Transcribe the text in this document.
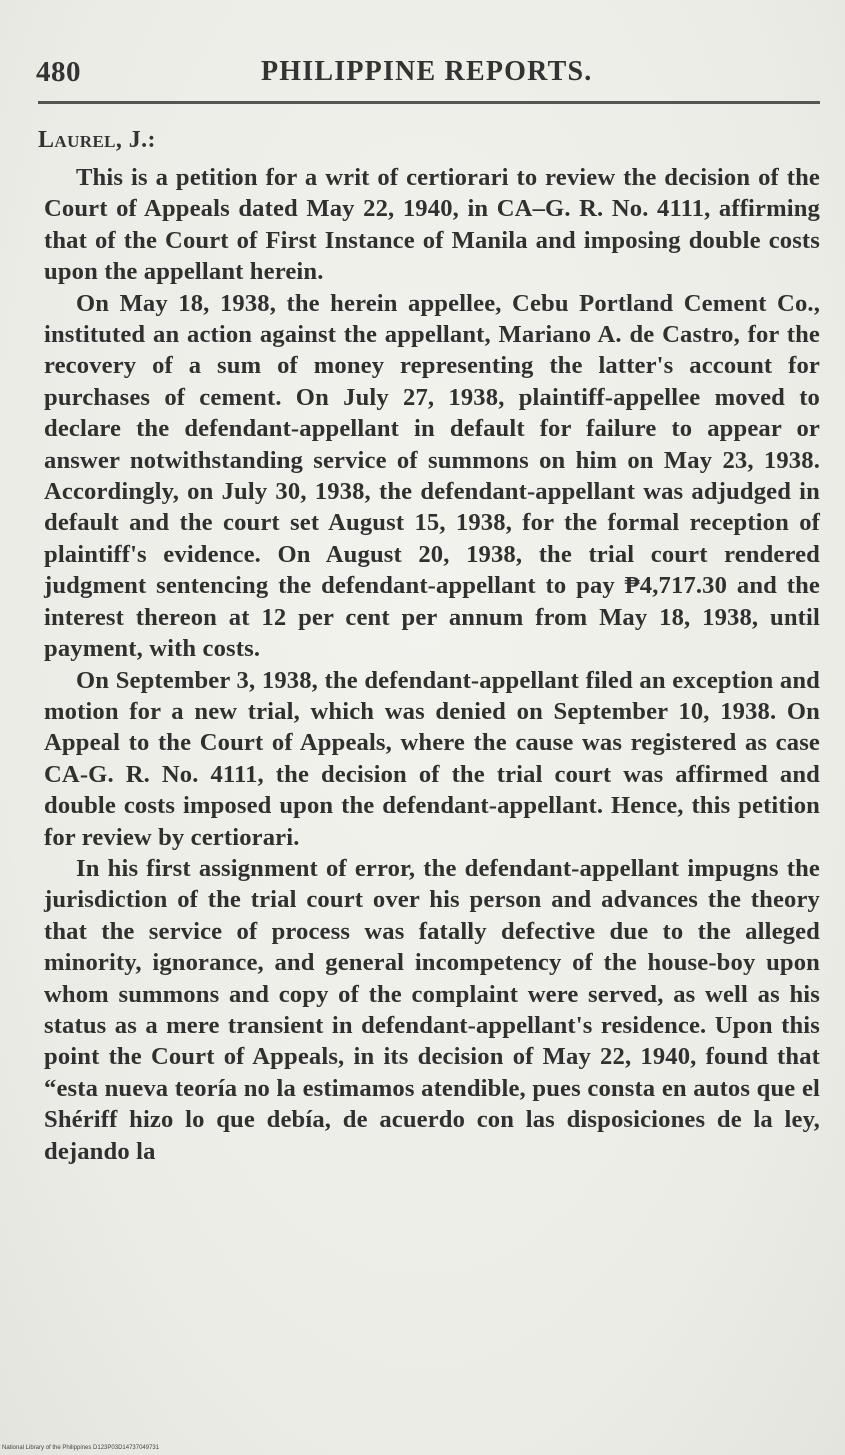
480	PHILIPPINE REPORTS.
Laurel, J.:

This is a petition for a writ of certiorari to review the decision of the Court of Appeals dated May 22, 1940, in CA–G. R. No. 4111, affirming that of the Court of First Instance of Manila and imposing double costs upon the appellant herein.

On May 18, 1938, the herein appellee, Cebu Portland Cement Co., instituted an action against the appellant, Mariano A. de Castro, for the recovery of a sum of money representing the latter's account for purchases of cement. On July 27, 1938, plaintiff-appellee moved to declare the defendant-appellant in default for failure to appear or answer notwithstanding service of summons on him on May 23, 1938. Accordingly, on July 30, 1938, the defendant-appellant was adjudged in default and the court set August 15, 1938, for the formal reception of plaintiff's evidence. On August 20, 1938, the trial court rendered judgment sentencing the defendant-appellant to pay ₱4,717.30 and the interest thereon at 12 per cent per annum from May 18, 1938, until payment, with costs.

On September 3, 1938, the defendant-appellant filed an exception and motion for a new trial, which was denied on September 10, 1938. On Appeal to the Court of Appeals, where the cause was registered as case CA-G. R. No. 4111, the decision of the trial court was affirmed and double costs imposed upon the defendant-appellant. Hence, this petition for review by certiorari.

In his first assignment of error, the defendant-appellant impugns the jurisdiction of the trial court over his person and advances the theory that the service of process was fatally defective due to the alleged minority, ignorance, and general incompetency of the house-boy upon whom summons and copy of the complaint were served, as well as his status as a mere transient in defendant-appellant's residence. Upon this point the Court of Appeals, in its decision of May 22, 1940, found that “esta nueva teoría no la estimamos atendible, pues consta en autos que el Shériff hizo lo que debía, de acuerdo con las disposiciones de la ley, dejando la

National Library of the Philippines D123P03D14737049731
